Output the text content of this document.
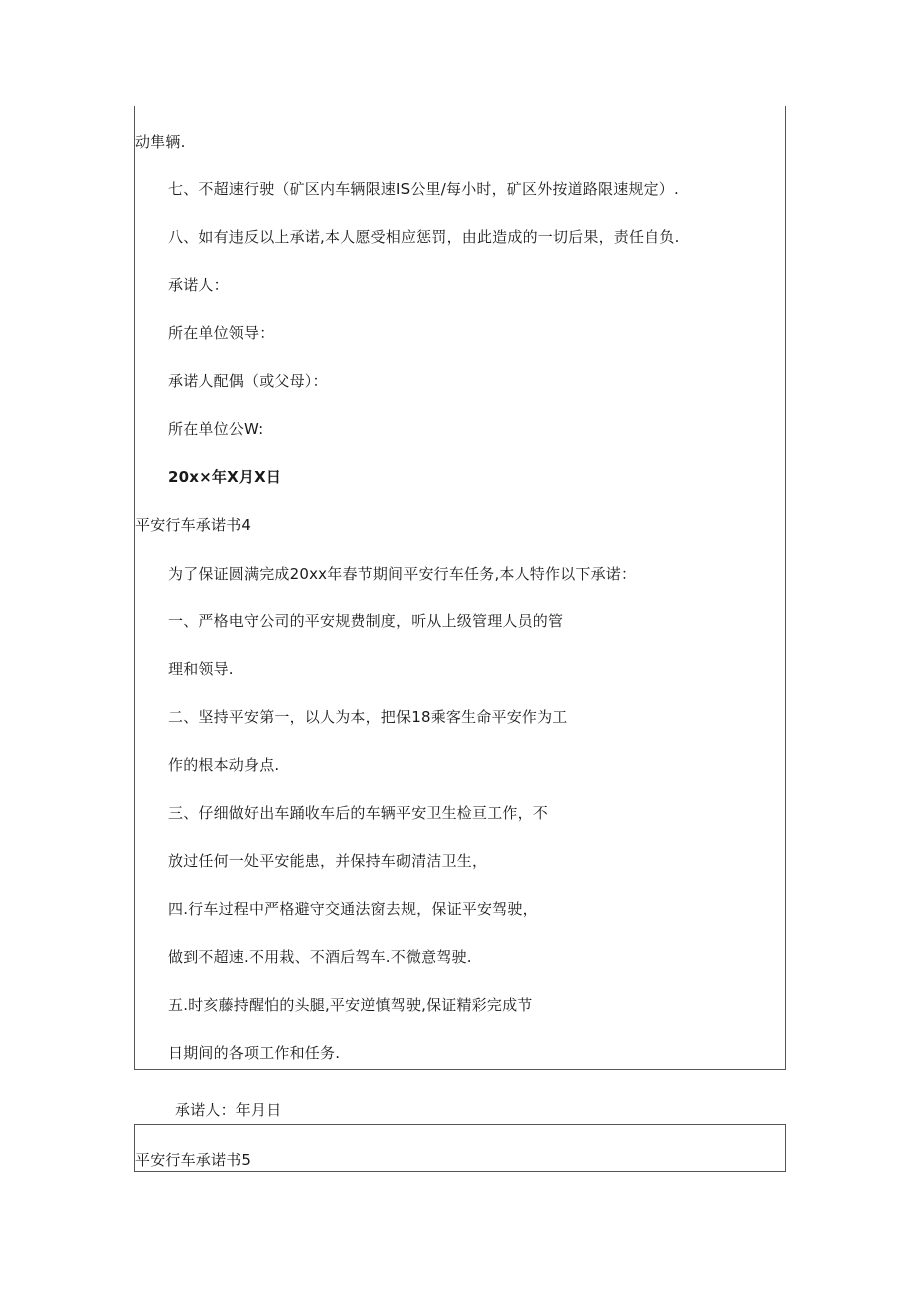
动隼辆.
七、不超速行驶（矿区内车辆限速IS公里/每小时，矿区外按道路限速规定）.
八、如有违反以上承诺,本人愿受相应惩罚，由此造成的一切后果，责任自负.
承诺人：
所在单位领导：
承诺人配偶（或父母）：
所在单位公W:
20x×年X月X日
平安行车承诺书4
为了保证圆满完成20xx年春节期间平安行车任务,本人特作以下承诺：
一、严格电守公司的平安规费制度，听从上级管理人员的管
理和领导.
二、坚持平安第一，以人为本，把保18乘客生命平安作为工
作的根本动身点.
三、仔细做好出车踊收车后的车辆平安卫生检亘工作，不
放过任何一处平安能患，并保持车砌清洁卫生，
四.行车过程中严格避守交通法窗去规，保证平安驾驶，
做到不超速.不用栽、不酒后驾车.不微意驾驶.
五.时亥藤持醒怕的头腿,平安逆慎驾驶,保证精彩完成节
日期间的各项工作和任务.
承诺人：年月日
平安行车承诺书5
